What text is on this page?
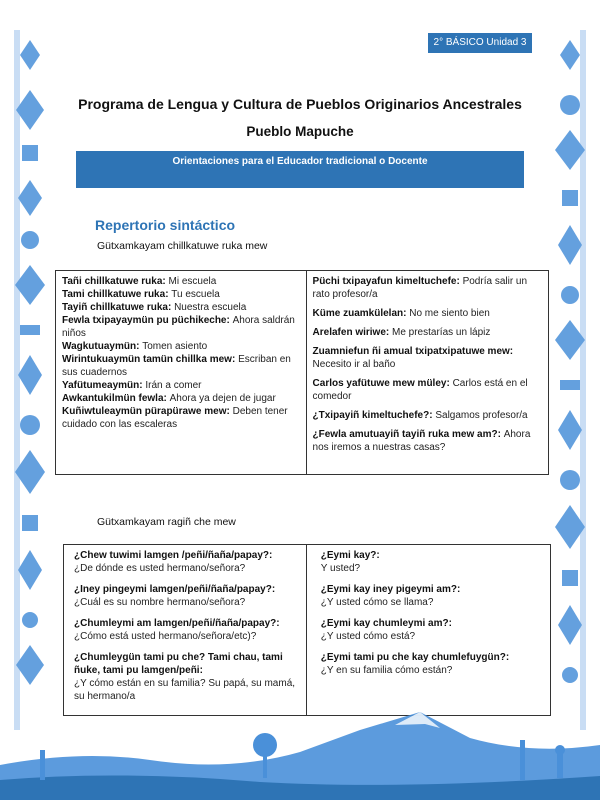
2° BÁSICO Unidad 3
Programa de Lengua y Cultura de Pueblos Originarios Ancestrales
Pueblo Mapuche
Orientaciones para el Educador tradicional o Docente
Repertorio sintáctico
Gütxamkayam chillkatuwe ruka mew
Tañi chillkatuwe ruka: Mi escuela
Tami chillkatuwe ruka: Tu escuela
Tayiñ chillkatuwe ruka: Nuestra escuela
Fewla txipayaymün pu püchikeche: Ahora saldrán niños
Wagkutuaymün: Tomen asiento
Wirintukuaymün tamün chillka mew: Escriban en sus cuadernos
Yafütumeaymün: Irán a comer
Awkantukilmün fewla: Ahora ya dejen de jugar
Kuñiwtuleaymün pürapürawe mew: Deben tener cuidado con las escaleras

Püchi txipayafun kimeltuchefe: Podría salir un rato profesor/a
Küme zuamkülelan: No me siento bien
Arelafen wiriwe: Me prestarías un lápiz
Zuamniefun ñi amual txipatxipatuwe mew: Necesito ir al baño
Carlos yafütuwe mew müley: Carlos está en el comedor
¿Txipayiñ kimeltuchefe?: Salgamos profesor/a
¿Fewla amutuayiñ tayiñ ruka mew am?: Ahora nos iremos a nuestras casas?
Gütxamkayam ragiñ che mew
¿Chew tuwimi lamgen /peñi/ñaña/papay?:
¿De dónde es usted hermano/señora?
¿Iney pingeymi lamgen/peñi/ñaña/papay?:
¿Cuál es su nombre hermano/señora?
¿Chumleymi am lamgen/peñi/ñaña/papay?:
¿Cómo está usted hermano/señora/etc)?
¿Chumleygün tami pu che? Tami chau, tami ñuke, tami pu lamgen/peñi:
¿Y cómo están en su familia? Su papá, su mamá, su hermano/a

¿Eymi kay?:
Y usted?
¿Eymi kay iney pigeymi am?:
¿Y usted cómo se llama?
¿Eymi kay chumleymi am?:
¿Y usted cómo está?
¿Eymi tami pu che kay chumlefuygün?:
¿Y en su familia cómo están?
